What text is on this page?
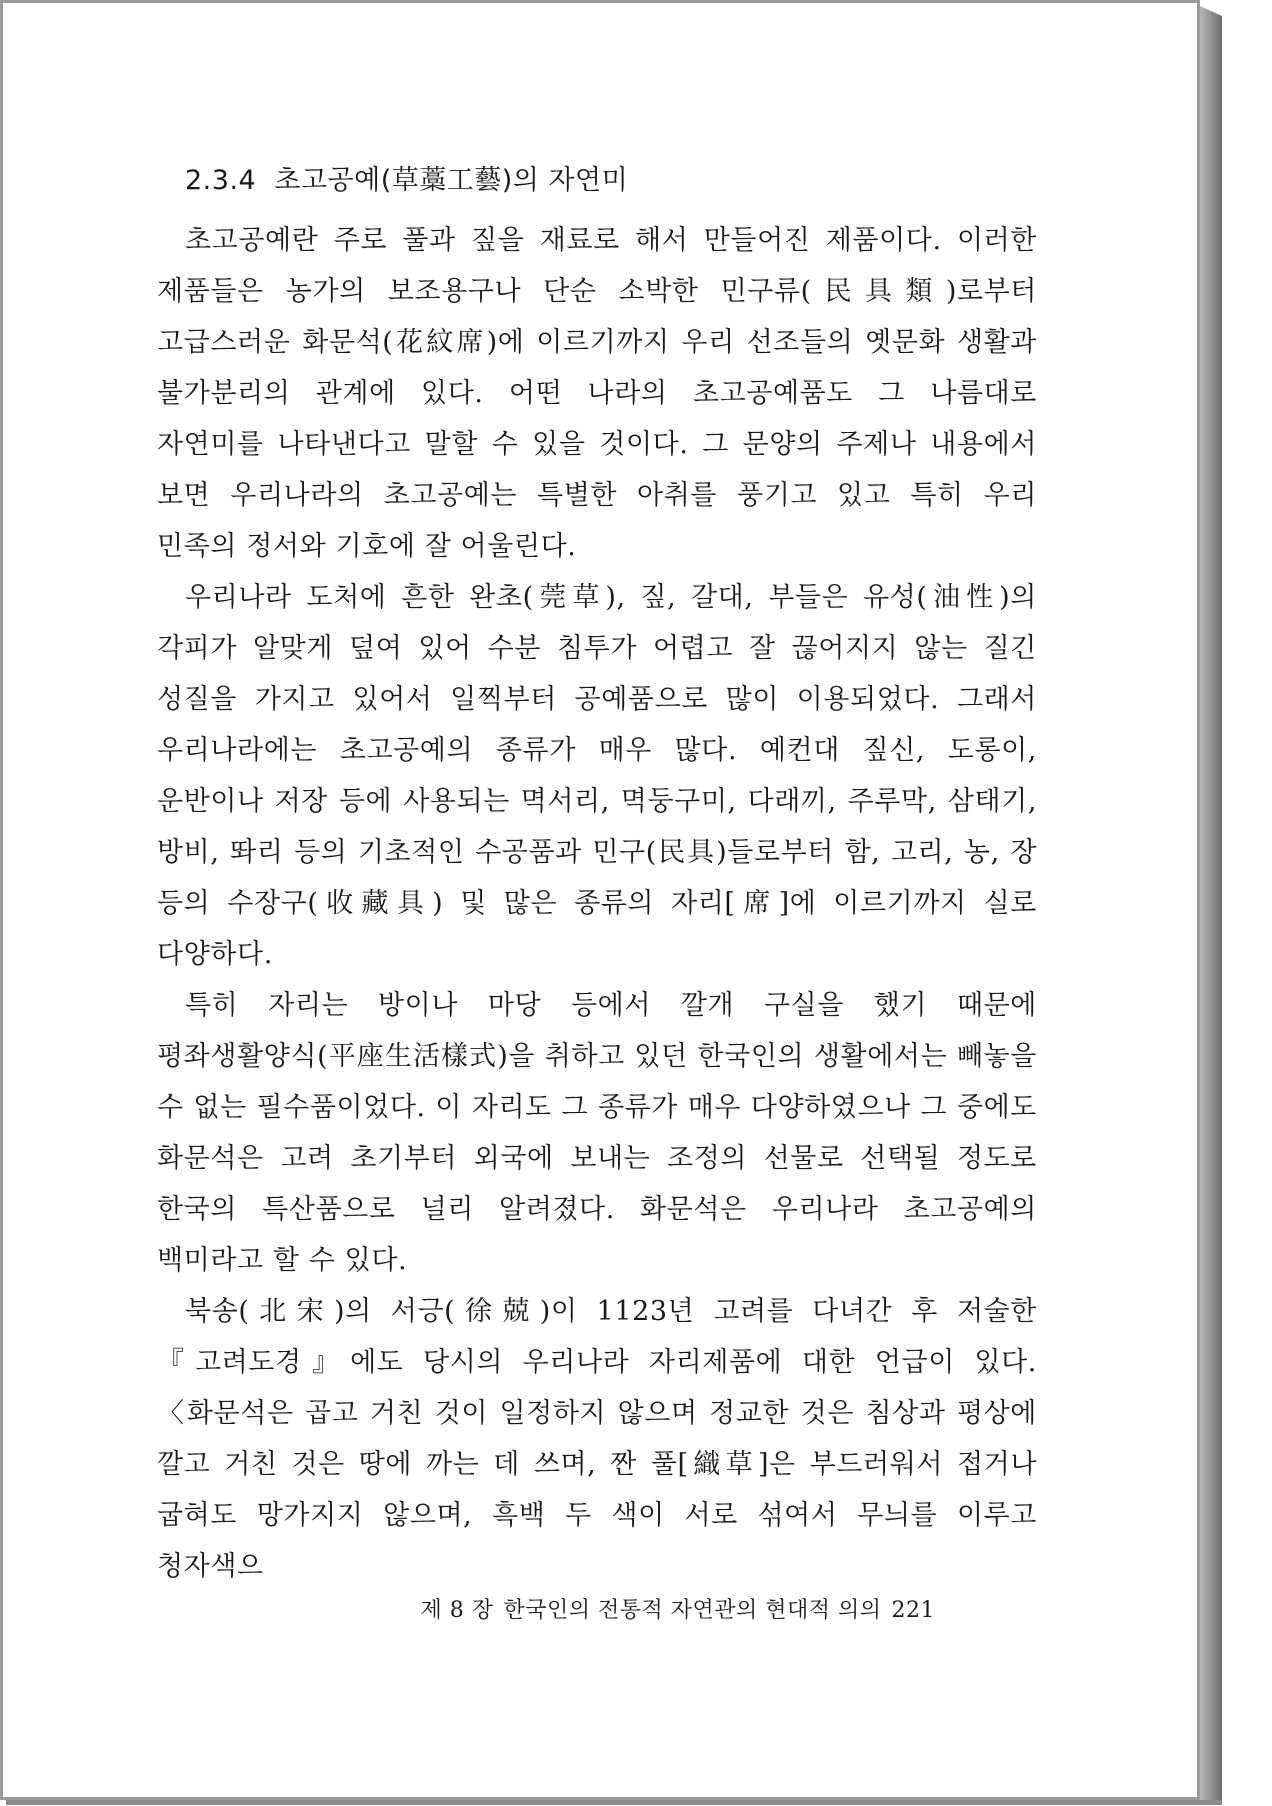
2.3.4 초고공예(草藁工藝)의 자연미

초고공예란 주로 풀과 짚을 재료로 해서 만들어진 제품이다. 이러한 제품들은 농가의 보조용구나 단순 소박한 민구류(民具類)로부터 고급스러운 화문석(花紋席)에 이르기까지 우리 선조들의 옛문화 생활과 불가분리의 관계에 있다. 어떤 나라의 초고공예품도 그 나름대로 자연미를 나타낸다고 말할 수 있을 것이다. 그 문양의 주제나 내용에서 보면 우리나라의 초고공예는 특별한 아취를 풍기고 있고 특히 우리 민족의 정서와 기호에 잘 어울린다.

우리나라 도처에 흔한 완초(莞草), 짚, 갈대, 부들은 유성(油性)의 각피가 알맞게 덮여 있어 수분 침투가 어렵고 잘 끊어지지 않는 질긴 성질을 가지고 있어서 일찍부터 공예품으로 많이 이용되었다. 그래서 우리나라에는 초고공예의 종류가 매우 많다. 예컨대 짚신, 도롱이, 운반이나 저장 등에 사용되는 멱서리, 멱둥구미, 다래끼, 주루막, 삼태기, 방비, 똬리 등의 기초적인 수공품과 민구(民具)들로부터 함, 고리, 농, 장 등의 수장구(收藏具) 및 많은 종류의 자리[席]에 이르기까지 실로 다양하다.

특히 자리는 방이나 마당 등에서 깔개 구실을 했기 때문에 평좌생활양식(平座生活樣式)을 취하고 있던 한국인의 생활에서는 빼놓을 수 없는 필수품이었다. 이 자리도 그 종류가 매우 다양하였으나 그 중에도 화문석은 고려 초기부터 외국에 보내는 조정의 선물로 선택될 정도로 한국의 특산품으로 널리 알려졌다. 화문석은 우리나라 초고공예의 백미라고 할 수 있다.

북송(北宋)의 서긍(徐兢)이 1123년 고려를 다녀간 후 저술한 『고려도경』에도 당시의 우리나라 자리제품에 대한 언급이 있다. 〈화문석은 곱고 거친 것이 일정하지 않으며 정교한 것은 침상과 평상에 깔고 거친 것은 땅에 까는 데 쓰며, 짠 풀[織草]은 부드러워서 접거나 굽혀도 망가지지 않으며, 흑백 두 색이 서로 섞여서 무늬를 이루고 청자색으

제 8 장 한국인의 전통적 자연관의 현대적 의의 221
